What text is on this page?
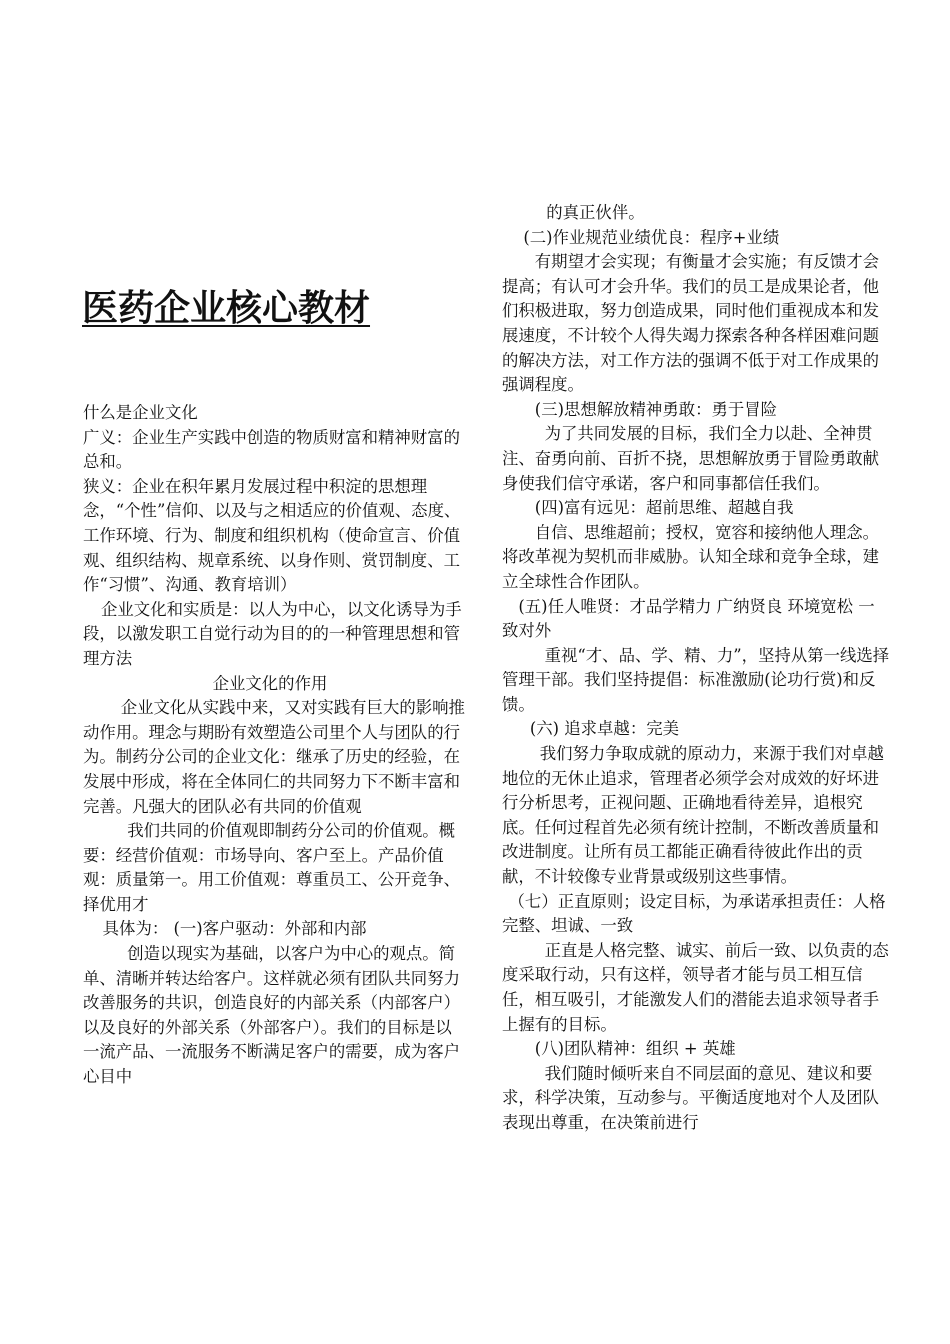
医药企业核心教材

什么是企业文化

广义：企业生产实践中创造的物质财富和精神财富的总和。

狭义：企业在积年累月发展过程中积淀的思想理念，“个性”信仰、以及与之相适应的价值观、态度、工作环境、行为、制度和组织机构（使命宣言、价值观、组织结构、规章系统、以身作则、赏罚制度、工作“习惯”、沟通、教育培训）

企业文化和实质是：以人为中心，以文化诱导为手段，以激发职工自觉行动为目的的一种管理思想和管理方法

企业文化的作用

企业文化从实践中来，又对实践有巨大的影响推动作用。理念与期盼有效塑造公司里个人与团队的行为。制药分公司的企业文化：继承了历史的经验，在发展中形成，将在全体同仁的共同努力下不断丰富和完善。凡强大的团队必有共同的价值观

我们共同的价值观即制药分公司的价值观。概要：经营价值观：市场导向、客户至上。产品价值观：质量第一。用工价值观：尊重员工、公开竞争、择优用才

具体为： (一)客户驱动：外部和内部

创造以现实为基础，以客户为中心的观点。简单、清晰并转达给客户。这样就必须有团队共同努力改善服务的共识，创造良好的内部关系（内部客户）以及良好的外部关系（外部客户）。我们的目标是以一流产品、一流服务不断满足客户的需要，成为客户心目中

的真正伙伴。

(二)作业规范业绩优良：程序+业绩

有期望才会实现；有衡量才会实施；有反馈才会提高；有认可才会升华。我们的员工是成果论者，他们积极进取，努力创造成果，同时他们重视成本和发展速度，不计较个人得失竭力探索各种各样困难问题的解决方法，对工作方法的强调不低于对工作成果的强调程度。

(三)思想解放精神勇敢：勇于冒险

为了共同发展的目标，我们全力以赴、全神贯注、奋勇向前、百折不挠，思想解放勇于冒险勇敢献身使我们信守承诺，客户和同事都信任我们。

(四)富有远见：超前思维、超越自我

自信、思维超前；授权，宽容和接纳他人理念。将改革视为契机而非威胁。认知全球和竞争全球，建立全球性合作团队。

(五)任人唯贤：才品学精力 广纳贤良 环境宽松 一致对外

重视“才、品、学、精、力”，坚持从第一线选择管理干部。我们坚持提倡：标准激励(论功行赏)和反馈。

(六) 追求卓越：完美

我们努力争取成就的原动力，来源于我们对卓越地位的无休止追求，管理者必须学会对成效的好坏进行分析思考，正视问题、正确地看待差异，追根究底。任何过程首先必须有统计控制，不断改善质量和改进制度。让所有员工都能正确看待彼此作出的贡献，不计较像专业背景或级别这些事情。

（七）正直原则；设定目标，为承诺承担责任：人格完整、坦诚、一致

正直是人格完整、诚实、前后一致、以负责的态度采取行动，只有这样，领导者才能与员工相互信任，相互吸引，才能激发人们的潜能去追求领导者手上握有的目标。

(八)团队精神：组织 + 英雄

我们随时倾听来自不同层面的意见、建议和要求，科学决策，互动参与。平衡适度地对个人及团队表现出尊重，在决策前进行
